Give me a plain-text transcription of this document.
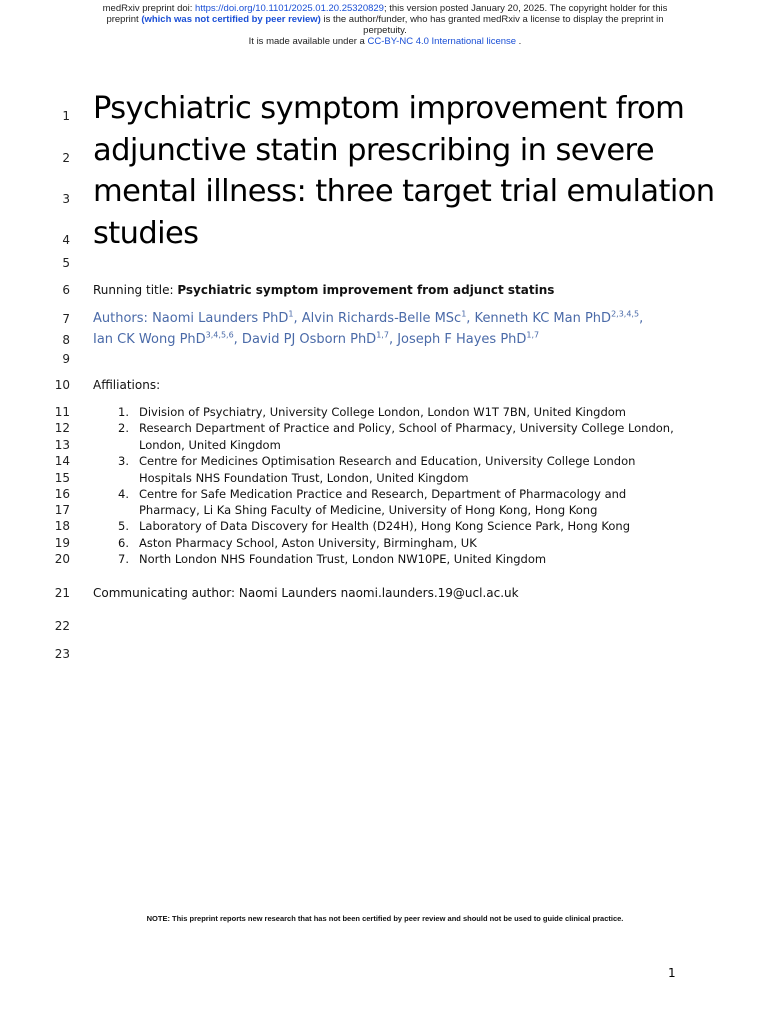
medRxiv preprint doi: https://doi.org/10.1101/2025.01.20.25320829; this version posted January 20, 2025. The copyright holder for this
preprint (which was not certified by peer review) is the author/funder, who has granted medRxiv a license to display the preprint in
perpetuity.
It is made available under a CC-BY-NC 4.0 International license .
1
2
3
4
5
6
7
8
9
10
11
12
13
14
15
16
17
18
19
20
21
22
23
Psychiatric symptom improvement from
adjunctive statin prescribing in severe
mental illness: three target trial emulation
studies
Running title: Psychiatric symptom improvement from adjunct statins
Authors: Naomi Launders PhD$^1$, Alvin Richards-Belle MSc$^1$, Kenneth KC Man PhD$^{2,3,4,5}$,
Ian CK Wong PhD$^{3,4,5,6}$, David PJ Osborn PhD$^{1,7}$, Joseph F Hayes PhD$^{1,7}$
Affiliations:
1. Division of Psychiatry, University College London, London W1T 7BN, United Kingdom
2. Research Department of Practice and Policy, School of Pharmacy, University College London,
London, United Kingdom
3. Centre for Medicines Optimisation Research and Education, University College London
Hospitals NHS Foundation Trust, London, United Kingdom
4. Centre for Safe Medication Practice and Research, Department of Pharmacology and
Pharmacy, Li Ka Shing Faculty of Medicine, University of Hong Kong, Hong Kong
5. Laboratory of Data Discovery for Health (D24H), Hong Kong Science Park, Hong Kong
6. Aston Pharmacy School, Aston University, Birmingham, UK
7. North London NHS Foundation Trust, London NW10PE, United Kingdom
Communicating author: Naomi Launders naomi.launders.19@ucl.ac.uk
NOTE: This preprint reports new research that has not been certified by peer review and should not be used to guide clinical practice.
1
